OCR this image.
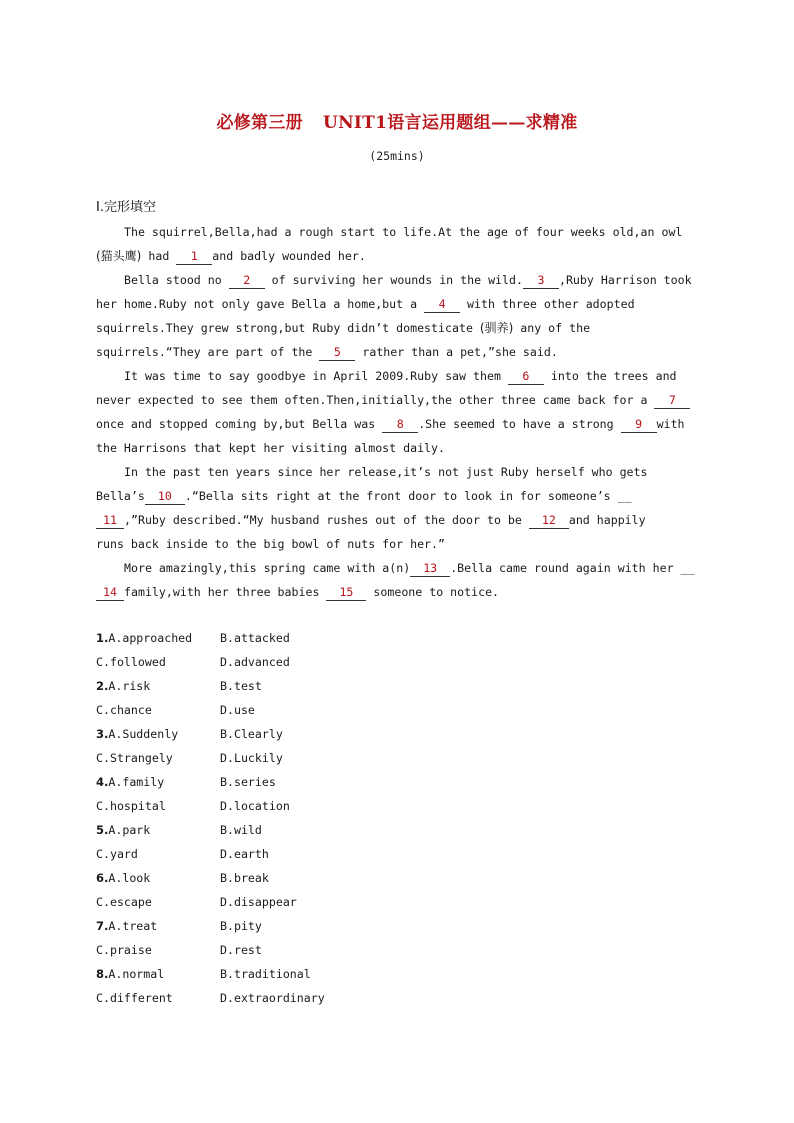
必修第三册 UNIT1语言运用题组——求精准
(25mins)
Ⅰ.完形填空
The squirrel,Bella,had a rough start to life.At the age of four weeks old,an owl
(猫头鹰) had 1 and badly wounded her.
Bella stood no 2 of surviving her wounds in the wild. 3 ,Ruby Harrison took
her home.Ruby not only gave Bella a home,but a 4 with three other adopted
squirrels.They grew strong,but Ruby didn’t domesticate (驯养) any of the
squirrels.“They are part of the 5 rather than a pet,”she said.
It was time to say goodbye in April 2009.Ruby saw them 6 into the trees and
never expected to see them often.Then,initially,the other three came back for a 7
once and stopped coming by,but Bella was 8 .She seemed to have a strong 9 with
the Harrisons that kept her visiting almost daily.
In the past ten years since her release,it’s not just Ruby herself who gets
Bella’s 10 .“Bella sits right at the front door to look in for someone’s __
11 ,”Ruby described.“My husband rushes out of the door to be 12 and happily
runs back inside to the big bowl of nuts for her.”
More amazingly,this spring came with a(n) 13 .Bella came round again with her __
14 family,with her three babies 15 someone to notice.
1.A.approached B.attacked
C.followed	D.advanced
2.A.risk	B.test
C.chance	D.use
3.A.Suddenly	B.Clearly
C.Strangely	D.Luckily
4.A.family	B.series
C.hospital	D.location
5.A.park	B.wild
C.yard	D.earth
6.A.look	B.break
C.escape	D.disappear
7.A.treat	B.pity
C.praise	D.rest
8.A.normal	B.traditional
C.different	D.extraordinary
